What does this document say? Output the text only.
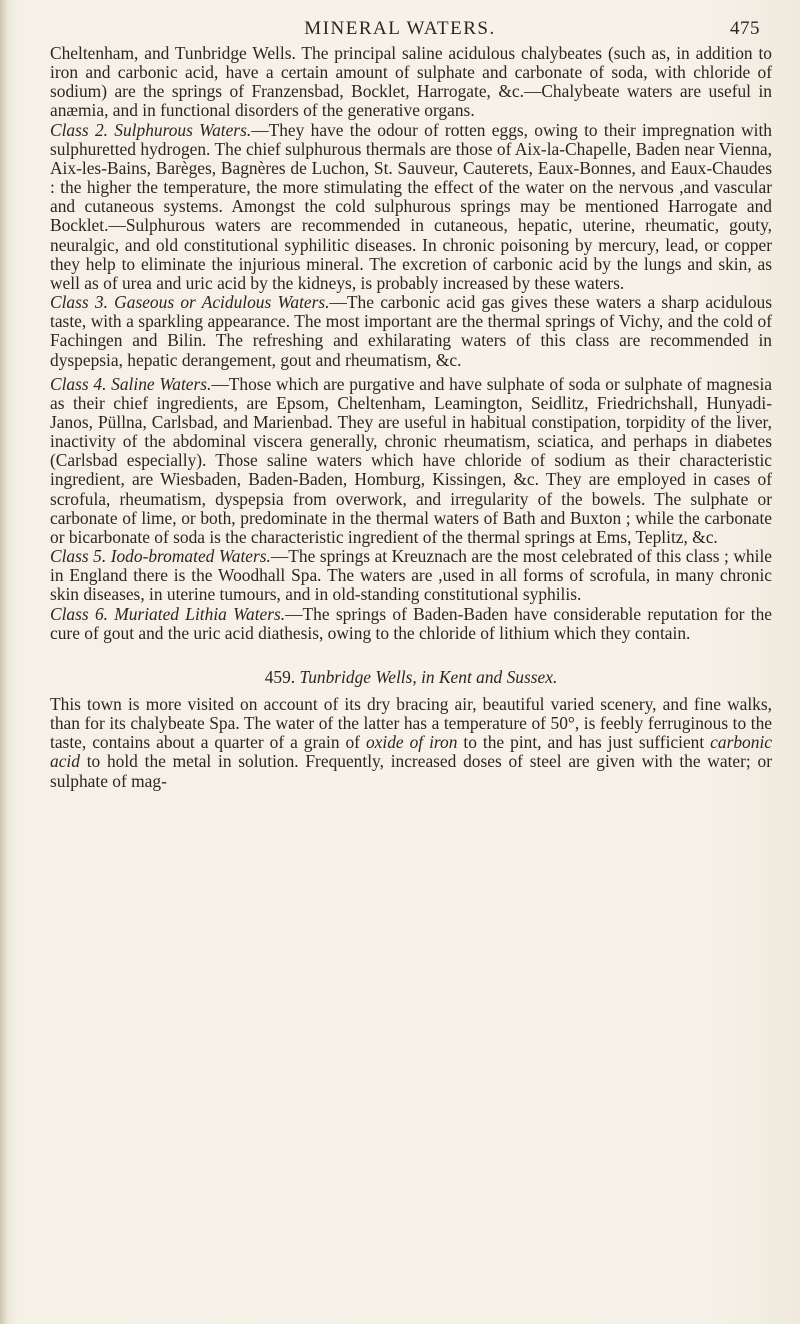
MINERAL WATERS.	475

Cheltenham, and Tunbridge Wells. The principal saline acidulous chalybeates (such as, in addition to iron and carbonic acid, have a certain amount of sulphate and carbonate of soda, with chloride of sodium) are the springs of Franzensbad, Bocklet, Harrogate, &c.—Chalybeate waters are useful in anæmia, and in functional disorders of the generative organs.

Class 2. Sulphurous Waters.—They have the odour of rotten eggs, owing to their impregnation with sulphuretted hydrogen. The chief sulphurous thermals are those of Aix-la-Chapelle, Baden near Vienna, Aix-les-Bains, Barèges, Bagnères de Luchon, St. Sauveur, Cauterets, Eaux-Bonnes, and Eaux-Chaudes : the higher the temperature, the more stimulating the effect of the water on the nervous ,and vascular and cutaneous systems. Amongst the cold sulphurous springs may be mentioned Harrogate and Bocklet.—Sulphurous waters are recommended in cutaneous, hepatic, uterine, rheumatic, gouty, neuralgic, and old constitutional syphilitic diseases. In chronic poisoning by mercury, lead, or copper they help to eliminate the injurious mineral. The excretion of carbonic acid by the lungs and skin, as well as of urea and uric acid by the kidneys, is probably increased by these waters.

Class 3. Gaseous or Acidulous Waters.—The carbonic acid gas gives these waters a sharp acidulous taste, with a sparkling appearance. The most important are the thermal springs of Vichy, and the cold of Fachingen and Bilin. The refreshing and exhilarating waters of this class are recommended in dyspepsia, hepatic derangement, gout and rheumatism, &c.

Class 4. Saline Waters.—Those which are purgative and have sulphate of soda or sulphate of magnesia as their chief ingredients, are Epsom, Cheltenham, Leamington, Seidlitz, Friedrichshall, Hunyadi-Janos, Püllna, Carlsbad, and Marienbad. They are useful in habitual constipation, torpidity of the liver, inactivity of the abdominal viscera generally, chronic rheumatism, sciatica, and perhaps in diabetes (Carlsbad especially). Those saline waters which have chloride of sodium as their characteristic ingredient, are Wiesbaden, Baden-Baden, Homburg, Kissingen, &c. They are employed in cases of scrofula, rheumatism, dyspepsia from overwork, and irregularity of the bowels. The sulphate or carbonate of lime, or both, predominate in the thermal waters of Bath and Buxton ; while the carbonate or bicarbonate of soda is the characteristic ingredient of the thermal springs at Ems, Teplitz, &c.

Class 5. Iodo-bromated Waters.—The springs at Kreuznach are the most celebrated of this class ; while in England there is the Woodhall Spa. The waters are ,used in all forms of scrofula, in many chronic skin diseases, in uterine tumours, and in old-standing constitutional syphilis.

Class 6. Muriated Lithia Waters.—The springs of Baden-Baden have considerable reputation for the cure of gout and the uric acid diathesis, owing to the chloride of lithium which they contain.

459. Tunbridge Wells, in Kent and Sussex.

This town is more visited on account of its dry bracing air, beautiful varied scenery, and fine walks, than for its chalybeate Spa. The water of the latter has a temperature of 50°, is feebly ferruginous to the taste, contains about a quarter of a grain of oxide of iron to the pint, and has just sufficient carbonic acid to hold the metal in solution. Frequently, increased doses of steel are given with the water; or sulphate of mag-
